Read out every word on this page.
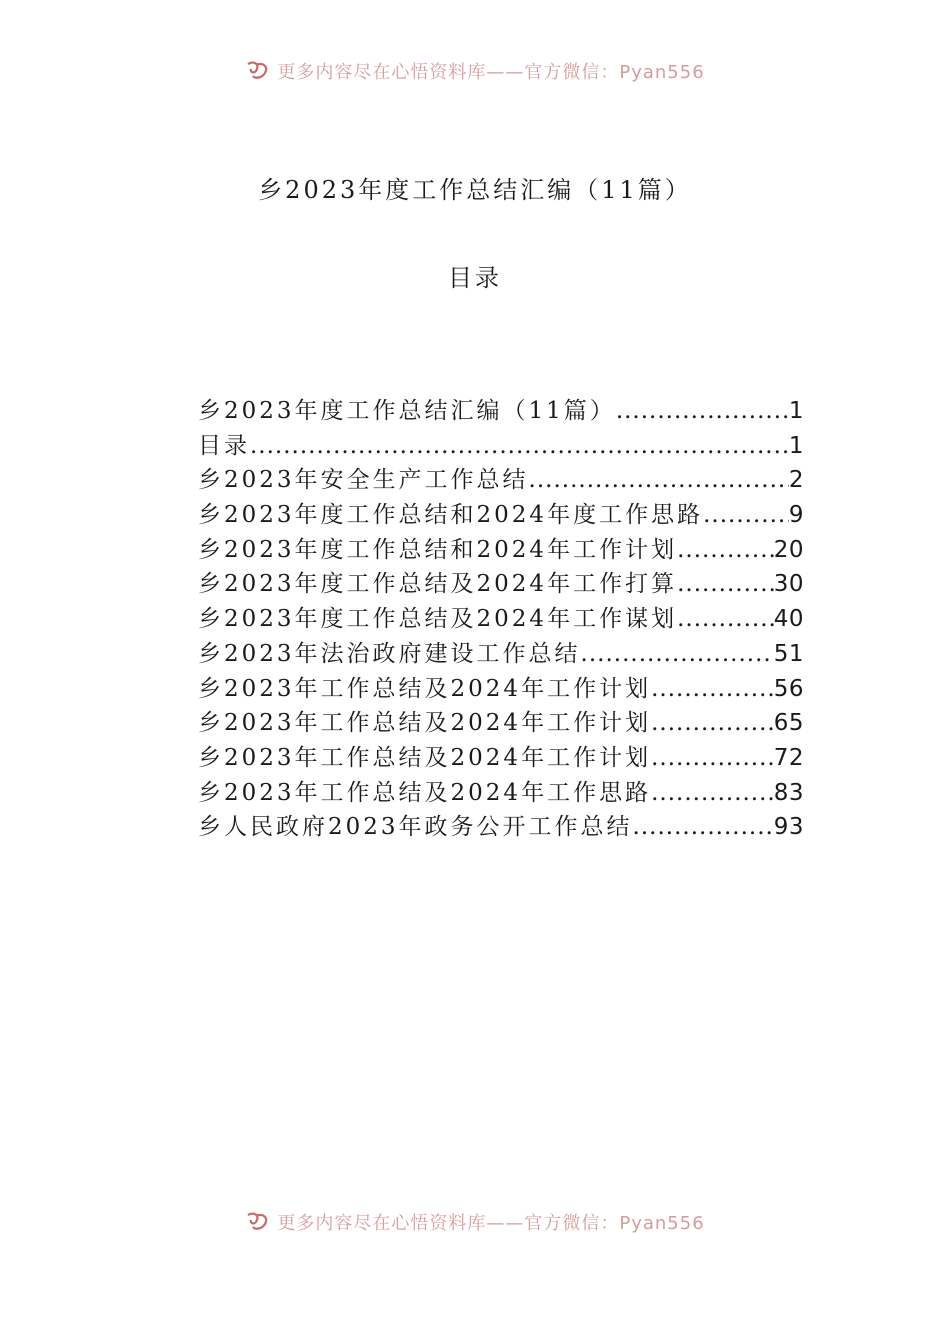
更多内容尽在心悟资料库——官方微信：Pyan556
乡2023年度工作总结汇编（11篇）
目录
乡2023年度工作总结汇编（11篇） .....	1
目录 .....	1
乡2023年安全生产工作总结 .....	2
乡2023年度工作总结和2024年度工作思路 .....	9
乡2023年度工作总结和2024年工作计划 .....	20
乡2023年度工作总结及2024年工作打算 .....	30
乡2023年度工作总结及2024年工作谋划 .....	40
乡2023年法治政府建设工作总结 .....	51
乡2023年工作总结及2024年工作计划 .....	56
乡2023年工作总结及2024年工作计划 .....	65
乡2023年工作总结及2024年工作计划 .....	72
乡2023年工作总结及2024年工作思路 .....	83
乡人民政府2023年政务公开工作总结 .....	93
更多内容尽在心悟资料库——官方微信：Pyan556
